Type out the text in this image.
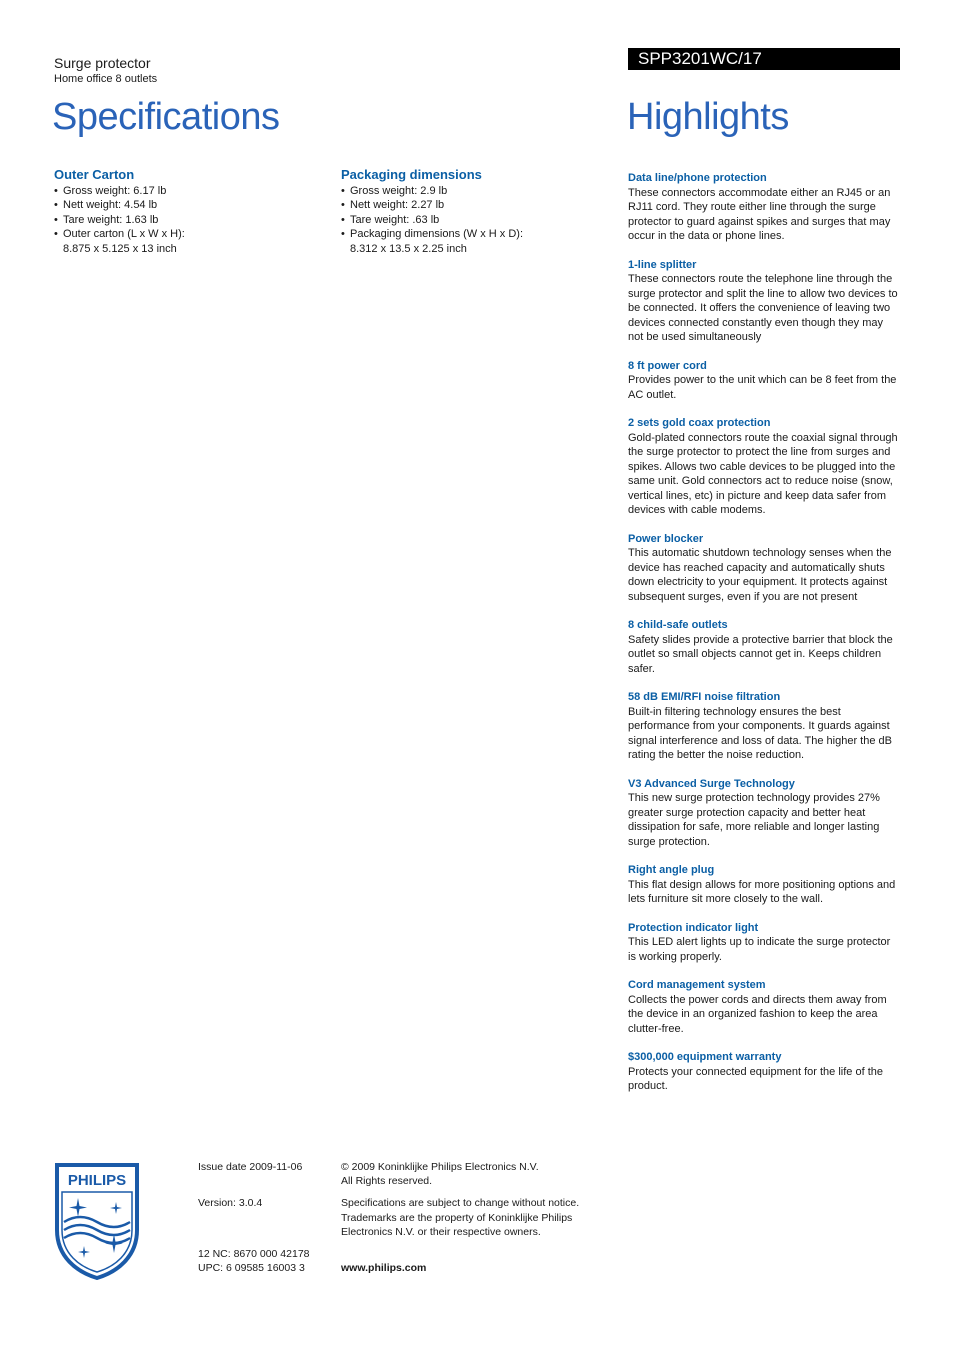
Surge protector
Home office 8 outlets
Specifications
SPP3201WC/17
Highlights

Outer Carton

• Gross weight: 6.17 lb
• Nett weight: 4.54 lb
• Tare weight: 1.63 lb
• Outer carton (L x W x H): 8.875 x 5.125 x 13 inch

Packaging dimensions

• Gross weight: 2.9 lb
• Nett weight: 2.27 lb
• Tare weight: .63 lb
• Packaging dimensions (W x H x D): 8.312 x 13.5 x 2.25 inch

Data line/phone protection

These connectors accommodate either an RJ45 or an RJ11 cord. They route either line through the surge protector to guard against spikes and surges that may occur in the data or phone lines.

1-line splitter

These connectors route the telephone line through the surge protector and split the line to allow two devices to be connected. It offers the convenience of leaving two devices connected constantly even though they may not be used simultaneously

8 ft power cord

Provides power to the unit which can be 8 feet from the AC outlet.

2 sets gold coax protection

Gold-plated connectors route the coaxial signal through the surge protector to protect the line from surges and spikes. Allows two cable devices to be plugged into the same unit. Gold connectors act to reduce noise (snow, vertical lines, etc) in picture and keep data safer from devices with cable modems.

Power blocker

This automatic shutdown technology senses when the device has reached capacity and automatically shuts down electricity to your equipment. It protects against subsequent surges, even if you are not present

8 child-safe outlets

Safety slides provide a protective barrier that block the outlet so small objects cannot get in. Keeps children safer.

58 dB EMI/RFI noise filtration

Built-in filtering technology ensures the best performance from your components. It guards against signal interference and loss of data. The higher the dB rating the better the noise reduction.

V3 Advanced Surge Technology

This new surge protection technology provides 27% greater surge protection capacity and better heat dissipation for safe, more reliable and longer lasting surge protection.

Right angle plug

This flat design allows for more positioning options and lets furniture sit more closely to the wall.

Protection indicator light

This LED alert lights up to indicate the surge protector is working properly.

Cord management system

Collects the power cords and directs them away from the device in an organized fashion to keep the area clutter-free.

$300,000 equipment warranty

Protects your connected equipment for the life of the product.

PHILIPS
Issue date 2009-11-06
Version: 3.0.4
12 NC: 8670 000 42178
UPC: 6 09585 16003 3
© 2009 Koninklijke Philips Electronics N.V.
All Rights reserved.
Specifications are subject to change without notice. Trademarks are the property of Koninklijke Philips Electronics N.V. or their respective owners.
www.philips.com
